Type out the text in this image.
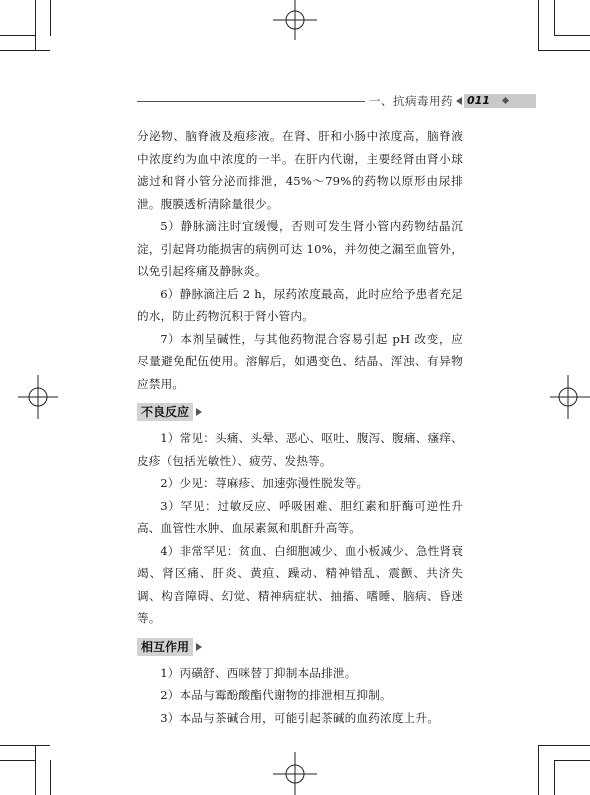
一、抗病毒用药 011

分泌物、脑脊液及疱疹液。在肾、肝和小肠中浓度高，脑脊液中浓度约为血中浓度的一半。在肝内代谢，主要经肾由肾小球滤过和肾小管分泌而排泄，45%～79%的药物以原形由尿排泄。腹膜透析清除量很少。

5）静脉滴注时宜缓慢，否则可发生肾小管内药物结晶沉淀，引起肾功能损害的病例可达 10%，并勿使之漏至血管外，以免引起疼痛及静脉炎。

6）静脉滴注后 2 h，尿药浓度最高，此时应给予患者充足的水，防止药物沉积于肾小管内。

7）本剂呈碱性，与其他药物混合容易引起 pH 改变，应尽量避免配伍使用。溶解后，如遇变色、结晶、浑浊、有异物应禁用。

不良反应

1）常见：头痛、头晕、恶心、呕吐、腹泻、腹痛、瘙痒、皮疹（包括光敏性）、疲劳、发热等。

2）少见：荨麻疹、加速弥漫性脱发等。

3）罕见：过敏反应、呼吸困难、胆红素和肝酶可逆性升高、血管性水肿、血尿素氮和肌酐升高等。

4）非常罕见：贫血、白细胞减少、血小板减少、急性肾衰竭、肾区痛、肝炎、黄疸、躁动、精神错乱、震颤、共济失调、构音障碍、幻觉、精神病症状、抽搐、嗜睡、脑病、昏迷等。

相互作用

1）丙磺舒、西咪替丁抑制本品排泄。

2）本品与霉酚酸酯代谢物的排泄相互抑制。

3）本品与茶碱合用，可能引起茶碱的血药浓度上升。
